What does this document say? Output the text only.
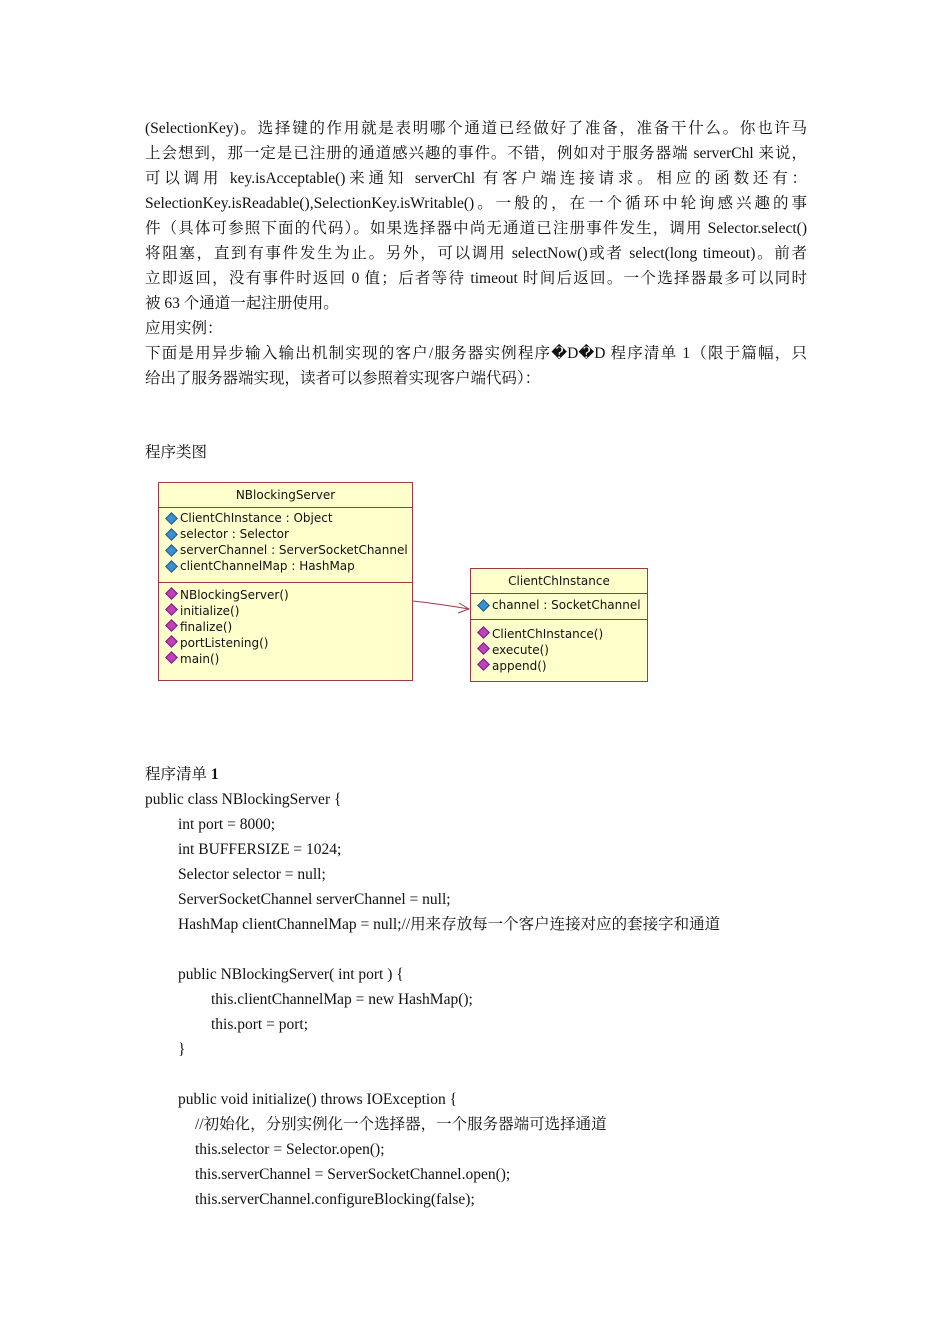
(SelectionKey)。选择键的作用就是表明哪个通道已经做好了准备，准备干什么。你也许马
上会想到，那一定是已注册的通道感兴趣的事件。不错，例如对于服务器端 serverChl 来说，
可以调用 key.isAcceptable()来通知 serverChl 有客户端连接请求。相应的函数还有：
SelectionKey.isReadable(),SelectionKey.isWritable()。一般的，在一个循环中轮询感兴趣的事
件（具体可参照下面的代码）。如果选择器中尚无通道已注册事件发生，调用 Selector.select()
将阻塞，直到有事件发生为止。另外，可以调用 selectNow()或者 select(long timeout)。前者
立即返回，没有事件时返回 0 值；后者等待 timeout 时间后返回。一个选择器最多可以同时
被 63 个通道一起注册使用。
应用实例：
下面是用异步输入输出机制实现的客户/服务器实例程序�D�D 程序清单 1（限于篇幅，只
给出了服务器端实现，读者可以参照着实现客户端代码）：
程序类图
NBlockingServer
ClientChInstance : Object
selector : Selector
serverChannel : ServerSocketChannel
clientChannelMap : HashMap
NBlockingServer()
initialize()
finalize()
portListening()
main()
ClientChInstance
channel : SocketChannel
ClientChInstance()
execute()
append()
程序清单 1
public class NBlockingServer {
int port = 8000;
int BUFFERSIZE = 1024;
Selector selector = null;
ServerSocketChannel serverChannel = null;
HashMap clientChannelMap = null;//用来存放每一个客户连接对应的套接字和通道
public NBlockingServer( int port ) {
this.clientChannelMap = new HashMap();
this.port = port;
}
public void initialize() throws IOException {
//初始化，分别实例化一个选择器，一个服务器端可选择通道
this.selector = Selector.open();
this.serverChannel = ServerSocketChannel.open();
this.serverChannel.configureBlocking(false);
